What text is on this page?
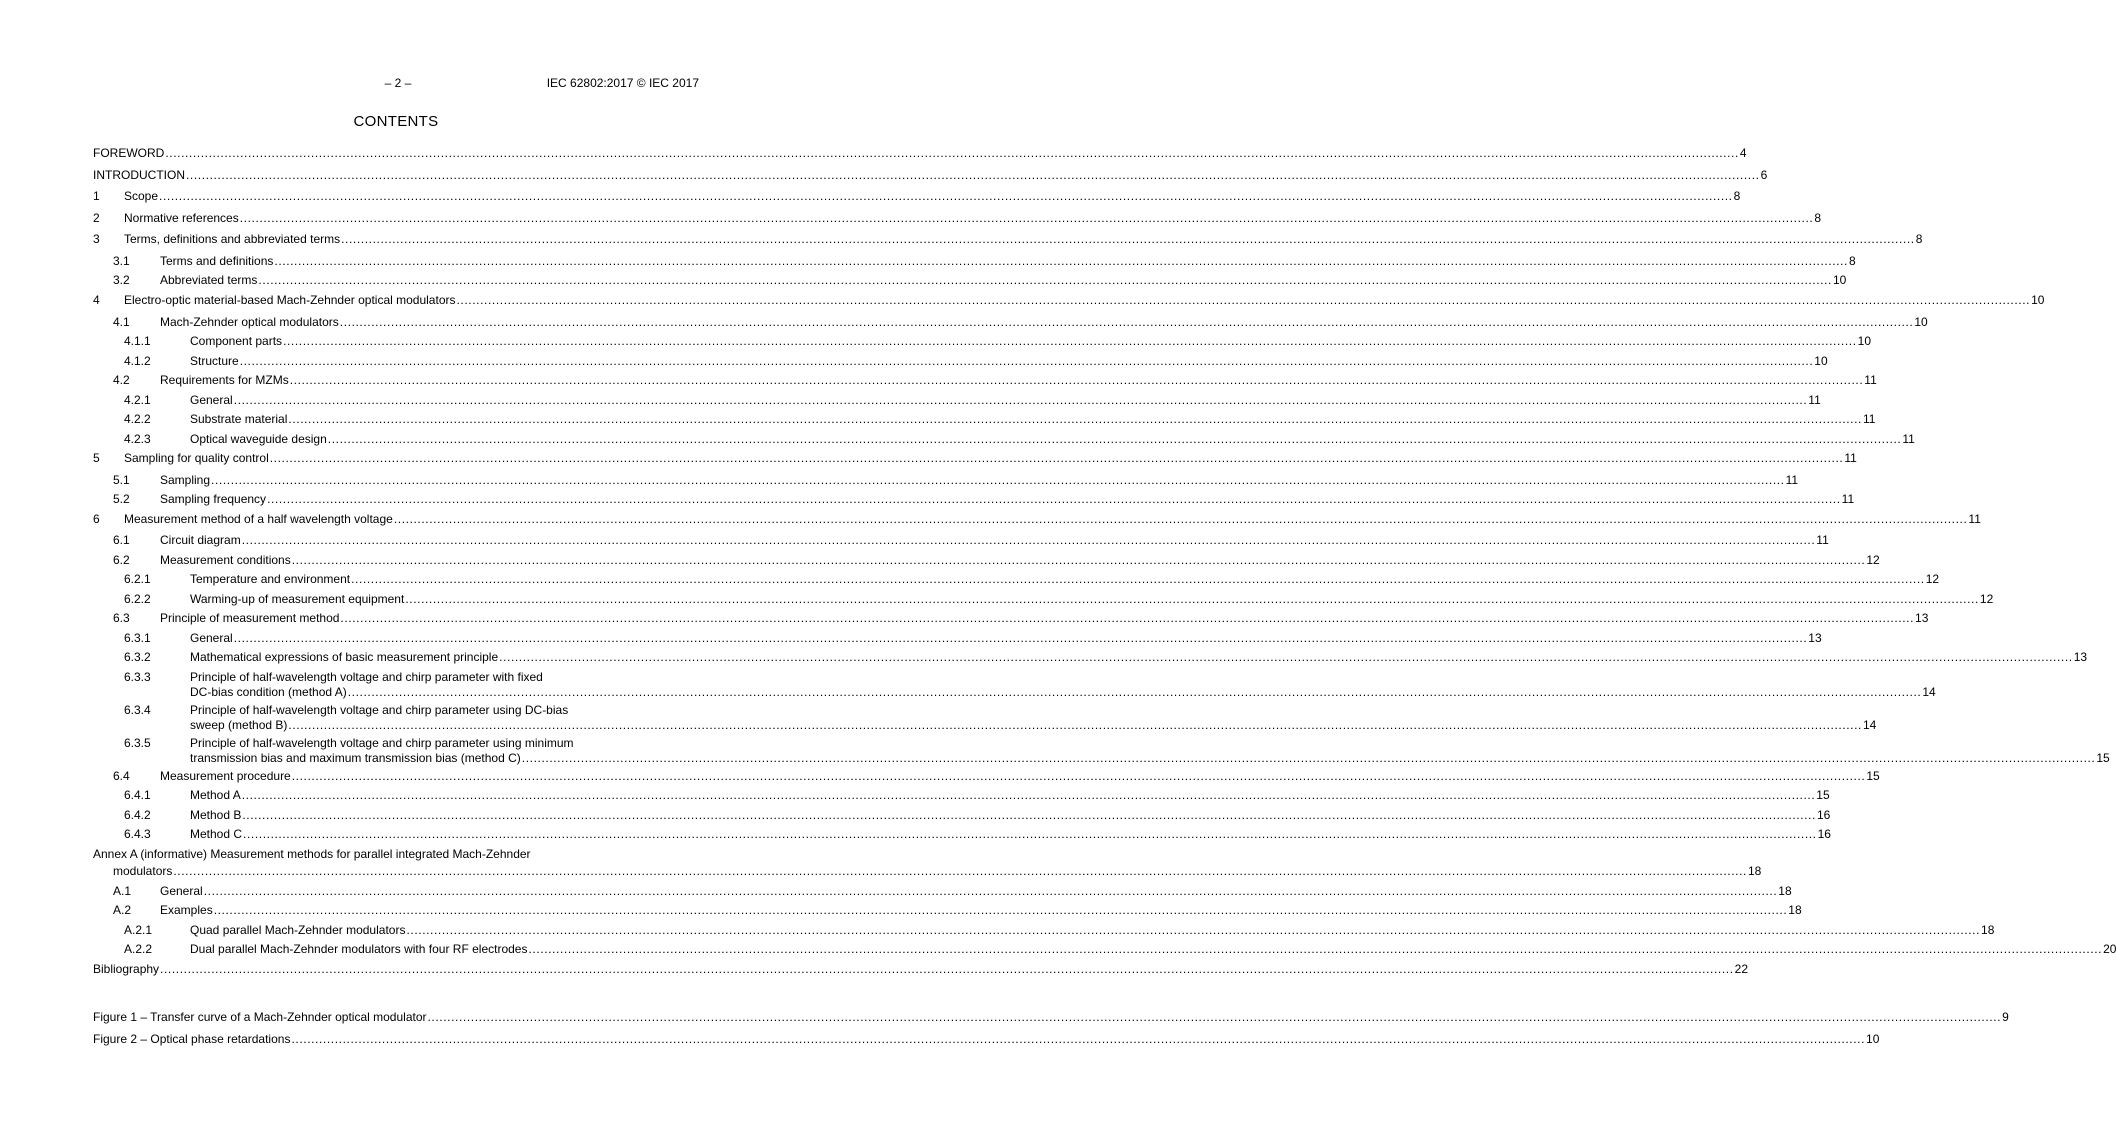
– 2 –	IEC 62802:2017 © IEC 2017
CONTENTS
FOREWORD ................................................................................................................................................................................................................................................................................................................................................................................................................ 4
INTRODUCTION ................................................................................................................................................................................................................................................................................................................................................................................................................ 6
1 Scope ................................................................................................................................................................................................................................................................................................................................................................................................................ 8
2 Normative references ................................................................................................................................................................................................................................................................................................................................................................................................................ 8
3 Terms, definitions and abbreviated terms ................................................................................................................................................................................................................................................................................................................................................................................................................ 8
3.1	Terms and definitions ................................................................................................................................................................................................................................................................................................................................................................................................................ 8
3.2	Abbreviated terms ................................................................................................................................................................................................................................................................................................................................................................................................................ 10
4 Electro-optic material-based Mach-Zehnder optical modulators ................................................................................................................................................................................................................................................................................................................................................................................................................ 10
4.1	Mach-Zehnder optical modulators ................................................................................................................................................................................................................................................................................................................................................................................................................ 10
4.1.1	Component parts ................................................................................................................................................................................................................................................................................................................................................................................................................ 10
4.1.2	Structure ................................................................................................................................................................................................................................................................................................................................................................................................................ 10
4.2	Requirements for MZMs ................................................................................................................................................................................................................................................................................................................................................................................................................ 11
4.2.1	General ................................................................................................................................................................................................................................................................................................................................................................................................................ 11
4.2.2	Substrate material ................................................................................................................................................................................................................................................................................................................................................................................................................ 11
4.2.3	Optical waveguide design ................................................................................................................................................................................................................................................................................................................................................................................................................ 11
5 Sampling for quality control ................................................................................................................................................................................................................................................................................................................................................................................................................ 11
5.1	Sampling ................................................................................................................................................................................................................................................................................................................................................................................................................ 11
5.2	Sampling frequency ................................................................................................................................................................................................................................................................................................................................................................................................................ 11
6 Measurement method of a half wavelength voltage ................................................................................................................................................................................................................................................................................................................................................................................................................ 11
6.1	Circuit diagram ................................................................................................................................................................................................................................................................................................................................................................................................................ 11
6.2	Measurement conditions ................................................................................................................................................................................................................................................................................................................................................................................................................ 12
6.2.1	Temperature and environment ................................................................................................................................................................................................................................................................................................................................................................................................................ 12
6.2.2	Warming-up of measurement equipment ................................................................................................................................................................................................................................................................................................................................................................................................................ 12
6.3	Principle of measurement method ................................................................................................................................................................................................................................................................................................................................................................................................................ 13
6.3.1	General ................................................................................................................................................................................................................................................................................................................................................................................................................ 13
6.3.2	Mathematical expressions of basic measurement principle ................................................................................................................................................................................................................................................................................................................................................................................................................ 13
6.3.3	Principle of half-wavelength voltage and chirp parameter with fixed
DC-bias condition (method A) ................................................................................................................................................................................................................................................................................................................................................................................................................ 14
6.3.4	Principle of half-wavelength voltage and chirp parameter using DC-bias
sweep (method B) ................................................................................................................................................................................................................................................................................................................................................................................................................ 14
6.3.5	Principle of half-wavelength voltage and chirp parameter using minimum
transmission bias and maximum transmission bias (method C) ................................................................................................................................................................................................................................................................................................................................................................................................................ 15
6.4	Measurement procedure ................................................................................................................................................................................................................................................................................................................................................................................................................ 15
6.4.1	Method A ................................................................................................................................................................................................................................................................................................................................................................................................................ 15
6.4.2	Method B ................................................................................................................................................................................................................................................................................................................................................................................................................ 16
6.4.3	Method C ................................................................................................................................................................................................................................................................................................................................................................................................................ 16
Annex A (informative) Measurement methods for parallel integrated Mach-Zehnder
modulators ................................................................................................................................................................................................................................................................................................................................................................................................................ 18
A.1 General ................................................................................................................................................................................................................................................................................................................................................................................................................ 18
A.2 Examples ................................................................................................................................................................................................................................................................................................................................................................................................................ 18
A.2.1	Quad parallel Mach-Zehnder modulators ................................................................................................................................................................................................................................................................................................................................................................................................................ 18
A.2.2	Dual parallel Mach-Zehnder modulators with four RF electrodes ................................................................................................................................................................................................................................................................................................................................................................................................................ 20
Bibliography ................................................................................................................................................................................................................................................................................................................................................................................................................ 22
Figure 1 – Transfer curve of a Mach-Zehnder optical modulator ................................................................................................................................................................................................................................................................................................................................................................................................................ 9
Figure 2 – Optical phase retardations ................................................................................................................................................................................................................................................................................................................................................................................................................ 10
